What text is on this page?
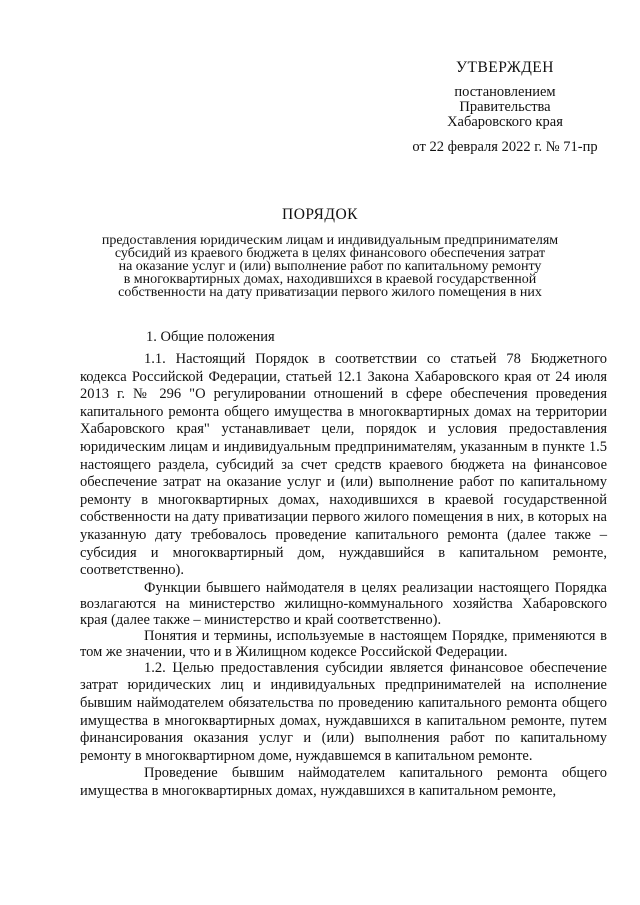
УТВЕРЖДЕН
постановлением
Правительства
Хабаровского края
от 22 февраля 2022 г. № 71-пр
ПОРЯДОК
предоставления юридическим лицам и индивидуальным предпринимателям
субсидий из краевого бюджета в целях финансового обеспечения затрат
на оказание услуг и (или) выполнение работ по капитальному ремонту
в многоквартирных домах, находившихся в краевой государственной
собственности на дату приватизации первого жилого помещения в них
1. Общие положения

1.1. Настоящий Порядок в соответствии со статьей 78 Бюджетного кодекса Российской Федерации, статьей 12.1 Закона Хабаровского края от 24 июля 2013 г. № 296 "О регулировании отношений в сфере обеспечения проведения капитального ремонта общего имущества в многоквартирных домах на территории Хабаровского края" устанавливает цели, порядок и условия предоставления юридическим лицам и индивидуальным предпринимателям, указанным в пункте 1.5 настоящего раздела, субсидий за счет средств краевого бюджета на финансовое обеспечение затрат на оказание услуг и (или) выполнение работ по капитальному ремонту в многоквартирных домах, находившихся в краевой государственной собственности на дату приватизации первого жилого помещения в них, в которых на указанную дату требовалось проведение капитального ремонта (далее также – субсидия и многоквартирный дом, нуждавшийся в капитальном ремонте, соответственно).

Функции бывшего наймодателя в целях реализации настоящего Порядка возлагаются на министерство жилищно-коммунального хозяйства Хабаровского края (далее также – министерство и край соответственно).

Понятия и термины, используемые в настоящем Порядке, применяются в том же значении, что и в Жилищном кодексе Российской Федерации.

1.2. Целью предоставления субсидии является финансовое обеспечение затрат юридических лиц и индивидуальных предпринимателей на исполнение бывшим наймодателем обязательства по проведению капитального ремонта общего имущества в многоквартирных домах, нуждавшихся в капитальном ремонте, путем финансирования оказания услуг и (или) выполнения работ по капитальному ремонту в многоквартирном доме, нуждавшемся в капитальном ремонте.

Проведение бывшим наймодателем капитального ремонта общего имущества в многоквартирных домах, нуждавшихся в капитальном ремонте,
